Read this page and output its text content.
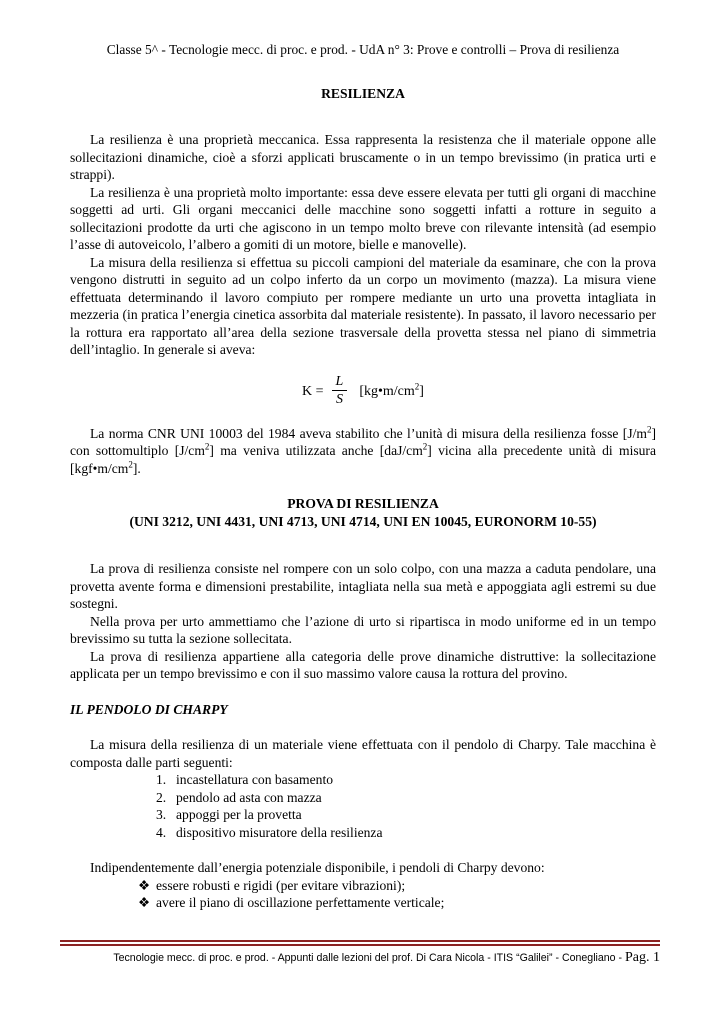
Classe 5^ - Tecnologie mecc. di proc. e prod. - UdA n° 3: Prove e controlli – Prova di resilienza
RESILIENZA

La resilienza è una proprietà meccanica. Essa rappresenta la resistenza che il materiale oppone alle sollecitazioni dinamiche, cioè a sforzi applicati bruscamente o in un tempo brevissimo (in pratica urti e strappi).

La resilienza è una proprietà molto importante: essa deve essere elevata per tutti gli organi di macchine soggetti ad urti. Gli organi meccanici delle macchine sono soggetti infatti a rotture in seguito a sollecitazioni prodotte da urti che agiscono in un tempo molto breve con rilevante intensità (ad esempio l’asse di autoveicolo, l’albero a gomiti di un motore, bielle e manovelle).

La misura della resilienza si effettua su piccoli campioni del materiale da esaminare, che con la prova vengono distrutti in seguito ad un colpo inferto da un corpo un movimento (mazza). La misura viene effettuata determinando il lavoro compiuto per rompere mediante un urto una provetta intagliata in mezzeria (in pratica l’energia cinetica assorbita dal materiale resistente). In passato, il lavoro necessario per la rottura era rapportato all’area della sezione trasversale della provetta stessa nel piano di simmetria dell’intaglio. In generale si aveva:

$K = \frac{L}{S}$ $[kg•m/cm^2]$

La norma CNR UNI 10003 del 1984 aveva stabilito che l’unità di misura della resilienza fosse $[J/m^2]$ con sottomultiplo $[J/cm^2]$ ma veniva utilizzata anche $[daJ/cm^2]$ vicina alla precedente unità di misura $[kgf•m/cm^2]$.

PROVA DI RESILIENZA
(UNI 3212, UNI 4431, UNI 4713, UNI 4714, UNI EN 10045, EURONORM 10-55)

La prova di resilienza consiste nel rompere con un solo colpo, con una mazza a caduta pendolare, una provetta avente forma e dimensioni prestabilite, intagliata nella sua metà e appoggiata agli estremi su due sostegni.

Nella prova per urto ammettiamo che l’azione di urto si ripartisca in modo uniforme ed in un tempo brevissimo su tutta la sezione sollecitata.

La prova di resilienza appartiene alla categoria delle prove dinamiche distruttive: la sollecitazione applicata per un tempo brevissimo e con il suo massimo valore causa la rottura del provino.

IL PENDOLO DI CHARPY

La misura della resilienza di un materiale viene effettuata con il pendolo di Charpy. Tale macchina è composta dalle parti seguenti:

1. incastellatura con basamento
2. pendolo ad asta con mazza
3. appoggi per la provetta
4. dispositivo misuratore della resilienza

Indipendentemente dall’energia potenziale disponibile, i pendoli di Charpy devono:

❖ essere robusti e rigidi (per evitare vibrazioni);
❖ avere il piano di oscillazione perfettamente verticale;
Tecnologie mecc. di proc. e prod. - Appunti dalle lezioni del prof. Di Cara Nicola - ITIS “Galilei” - Conegliano - Pag. 1
